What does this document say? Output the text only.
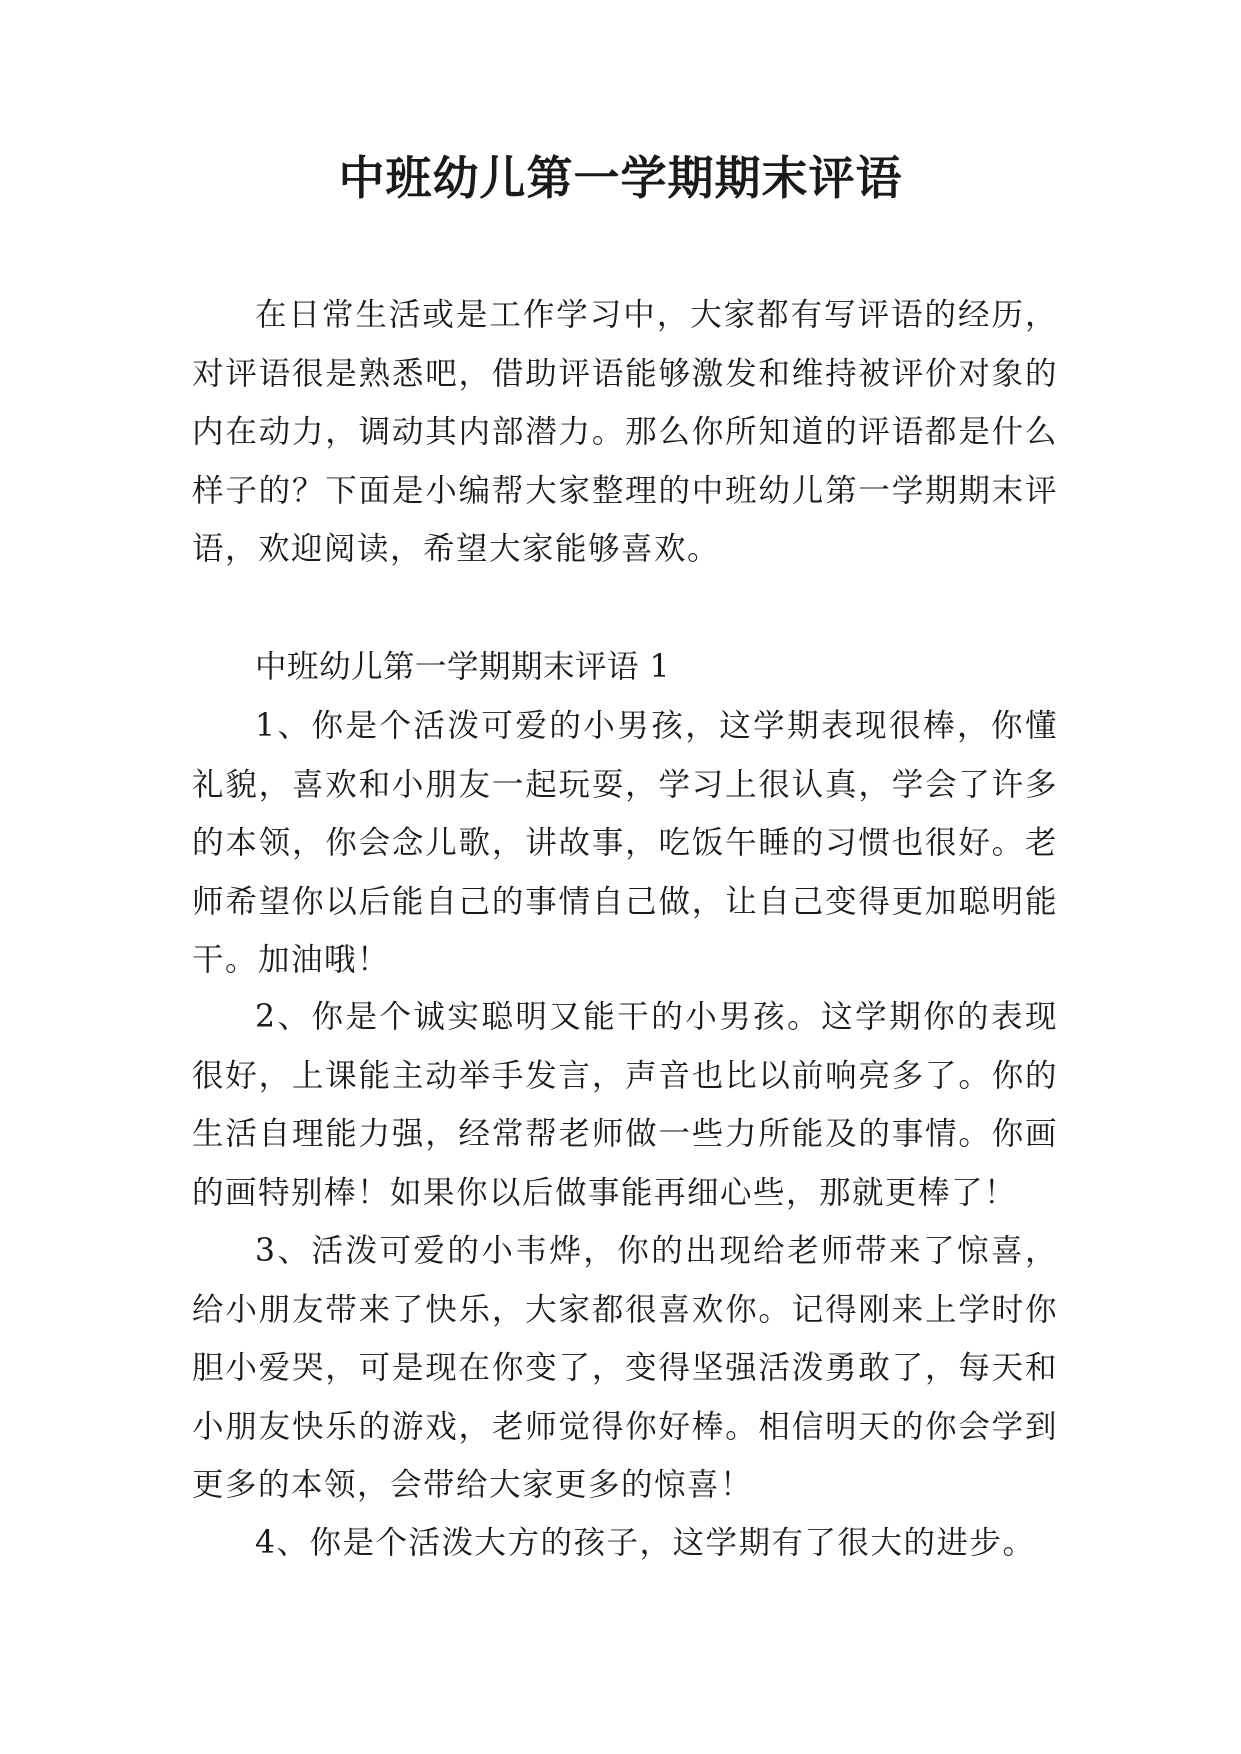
中班幼儿第一学期期末评语

在日常生活或是工作学习中，大家都有写评语的经历，对评语很是熟悉吧，借助评语能够激发和维持被评价对象的内在动力，调动其内部潜力。那么你所知道的评语都是什么样子的？下面是小编帮大家整理的中班幼儿第一学期期末评语，欢迎阅读，希望大家能够喜欢。

中班幼儿第一学期期末评语 1

1、你是个活泼可爱的小男孩，这学期表现很棒，你懂礼貌，喜欢和小朋友一起玩耍，学习上很认真，学会了许多的本领，你会念儿歌，讲故事，吃饭午睡的习惯也很好。老师希望你以后能自己的事情自己做，让自己变得更加聪明能干。加油哦！

2、你是个诚实聪明又能干的小男孩。这学期你的表现很好，上课能主动举手发言，声音也比以前响亮多了。你的生活自理能力强，经常帮老师做一些力所能及的事情。你画的画特别棒！如果你以后做事能再细心些，那就更棒了！

3、活泼可爱的小韦烨，你的出现给老师带来了惊喜，给小朋友带来了快乐，大家都很喜欢你。记得刚来上学时你胆小爱哭，可是现在你变了，变得坚强活泼勇敢了，每天和小朋友快乐的游戏，老师觉得你好棒。相信明天的你会学到更多的本领，会带给大家更多的惊喜！

4、你是个活泼大方的孩子，这学期有了很大的进步。
